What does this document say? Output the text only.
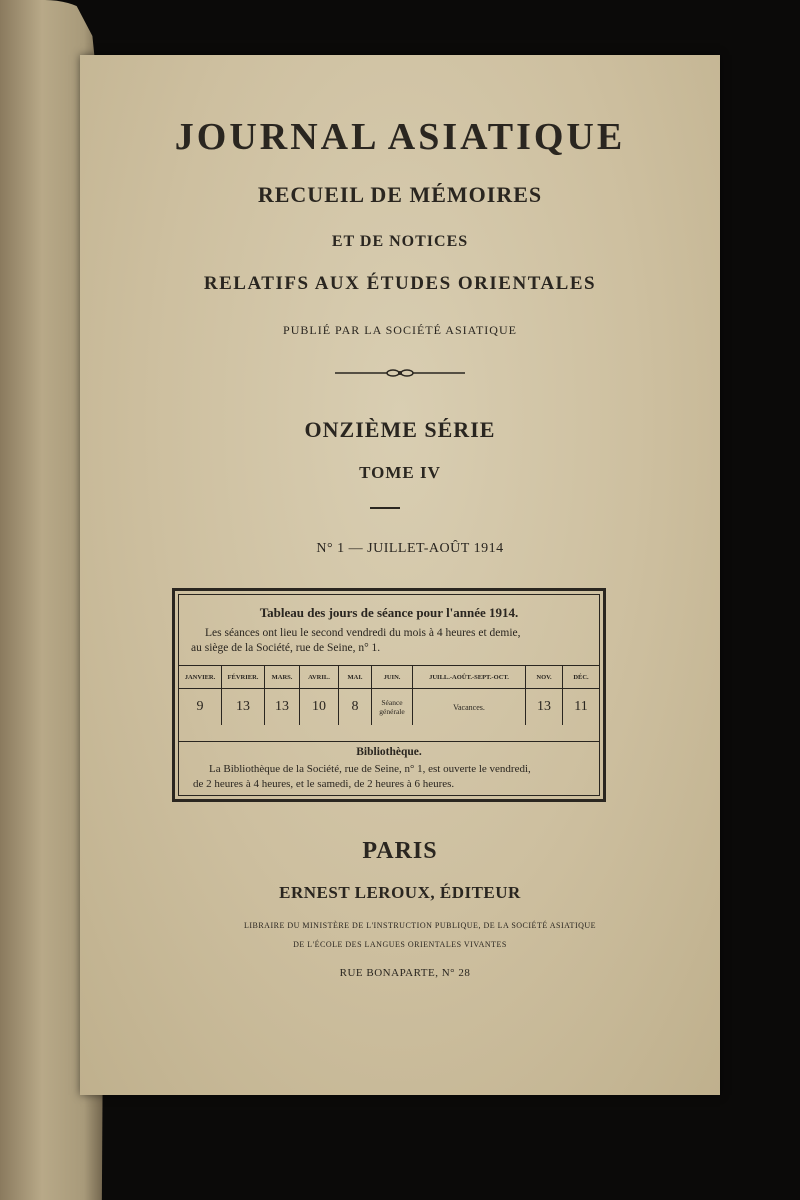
JOURNAL ASIATIQUE
RECUEIL DE MÉMOIRES
ET DE NOTICES
RELATIFS AUX ÉTUDES ORIENTALES
PUBLIÉ PAR LA SOCIÉTÉ ASIATIQUE
ONZIÈME SÉRIE
TOME IV
N° 1 — JUILLET-AOÛT 1914
Tableau des jours de séance pour l'année 1914.
Les séances ont lieu le second vendredi du mois à 4 heures et demie,
au siège de la Société, rue de Seine, n° 1.
JANVIER.	FÉVRIER.	MARS.	AVRIL.	MAI.	JUIN.	JUILL.-AOÛT.-SEPT.-OCT.	NOV.	DÉC.
9	13	13	10	8	Séance générale	Vacances.	13	11
Bibliothèque.
La Bibliothèque de la Société, rue de Seine, n° 1, est ouverte le vendredi,
de 2 heures à 4 heures, et le samedi, de 2 heures à 6 heures.
PARIS
ERNEST LEROUX, ÉDITEUR
LIBRAIRE DU MINISTÈRE DE L'INSTRUCTION PUBLIQUE, DE LA SOCIÉTÉ ASIATIQUE
DE L'ÉCOLE DES LANGUES ORIENTALES VIVANTES
RUE BONAPARTE, N° 28
